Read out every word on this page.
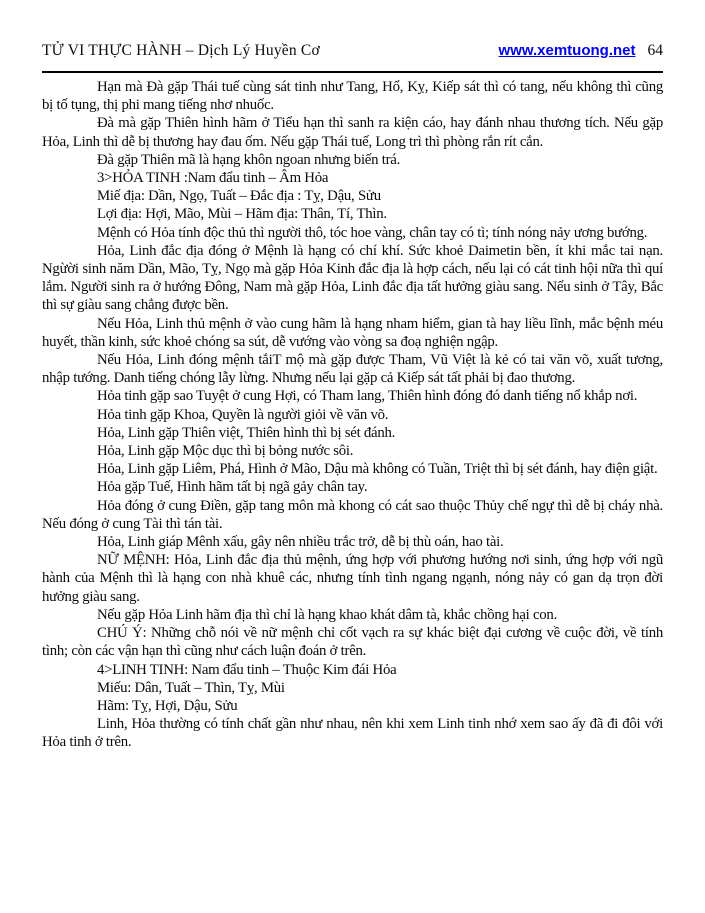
TỬ VI THỰC HÀNH – Dịch Lý Huyền Cơ	www.xemtuong.net 64

Hạn mà Đà gặp Thái tuế cùng sát tinh như Tang, Hổ, Kỵ, Kiếp sát thì có tang, nếu không thì cũng bị tố tụng, thị phi mang tiếng nhơ nhuốc.

Đà mà gặp Thiên hình hãm ở Tiểu hạn thì sanh ra kiện cáo, hay đánh nhau thương tích. Nếu gặp Hỏa, Linh thì dễ bị thương hay đau ốm. Nếu gặp Thái tuế, Long trì thì phòng rắn rít cắn.

Đà gặp Thiên mã là hạng khôn ngoan nhưng biến trá.

3>HỎA TINH :Nam đẩu tinh – Âm Hỏa

Miế địa: Dần, Ngọ, Tuất – Đắc địa : Tỵ, Dậu, Sửu

Lợi địa: Hợi, Mão, Mùi – Hãm địa: Thân, Tí, Thìn.

Mệnh có Hỏa tính độc thủ thì người thô, tóc hoe vàng, chân tay có tì; tính nóng nảy ương bướng.

Hỏa, Linh đắc địa đóng ở Mệnh là hạng có chí khí. Sức khoẻ Daimetin bền, ít khi mắc tai nạn. Ngừời sinh năm Dần, Mão, Tỵ, Ngọ mà gặp Hỏa Kinh đắc địa là hợp cách, nếu lại có cát tinh hội nữa thì quí lắm. Người sinh ra ở hướng Đông, Nam mà gặp Hỏa, Linh đắc địa tất hưởng giàu sang. Nếu sinh ở Tây, Bắc thì sự giàu sang chẳng được bền.

Nếu Hỏa, Linh thủ mệnh ở vào cung hãm là hạng nham hiểm, gian tà hay liều lĩnh, mắc bệnh méu huyết, thần kinh, sức khoẻ chóng sa sút, dễ vướng vào vòng sa đoạ nghiện ngập.

Nếu Hỏa, Linh đóng mệnh tắiT mộ mà gặp được Tham, Vũ Việt là kẻ có tai văn võ, xuất tương, nhập tướng. Danh tiếng chóng lẫy lừng. Nhưng nếu lại gặp cả Kiếp sát tất phải bị đao thương.

Hỏa tinh gặp sao Tuyệt ở cung Hợi, có Tham lang, Thiên hình đóng đó danh tiếng nổ khắp nơi.

Hỏa tinh gặp Khoa, Quyền là người giỏi về văn võ.

Hỏa, Linh gặp Thiên việt, Thiên hình thì bị sét đánh.

Hỏa, Linh gặp Mộc dục thì bị bỏng nước sôi.

Hỏa, Linh gặp Liêm, Phá, Hình ở Mão, Dậu mà không có Tuần, Triệt thì bị sét đánh, hay điện giật.

Hỏa gặp Tuế, Hình hãm tất bị ngã gảy chân tay.

Hỏa đóng ở cung Điền, gặp tang môn mà khong có cát sao thuộc Thủy chế ngự thì dễ bị cháy nhà. Nếu đóng ở cung Tài thì tán tài.

Hỏa, Linh giáp Mênh xấu, gây nên nhiều trắc trở, dễ bị thù oán, hao tài.

NỮ MỆNH: Hỏa, Linh đắc địa thủ mệnh, ứng hợp với phương hướng nơi sinh, ứng hợp với ngũ hành của Mệnh thì là hạng con nhà khuê các, nhưng tính tình ngang ngạnh, nóng nảy có gan dạ trọn đời hưởng giàu sang.

Nếu gặp Hỏa Linh hãm địa thì chỉ là hạng khao khát dâm tà, khắc chồng hại con.

CHÚ Ý: Những chỗ nói về nữ mệnh chỉ cốt vạch ra sự khác biệt đại cương về cuộc đời, về tính tình; còn các vận hạn thì cũng như cách luận đoán ở trên.

4>LINH TINH: Nam đẩu tinh – Thuộc Kim đái Hỏa

Miếu: Dân, Tuất – Thìn, Tỵ, Mùi

Hãm: Tỵ, Hợi, Dậu, Sửu

Linh, Hỏa thường có tính chất gần như nhau, nên khi xem Linh tinh nhớ xem sao ấy đã đi đôi với Hỏa tinh ở trên.
